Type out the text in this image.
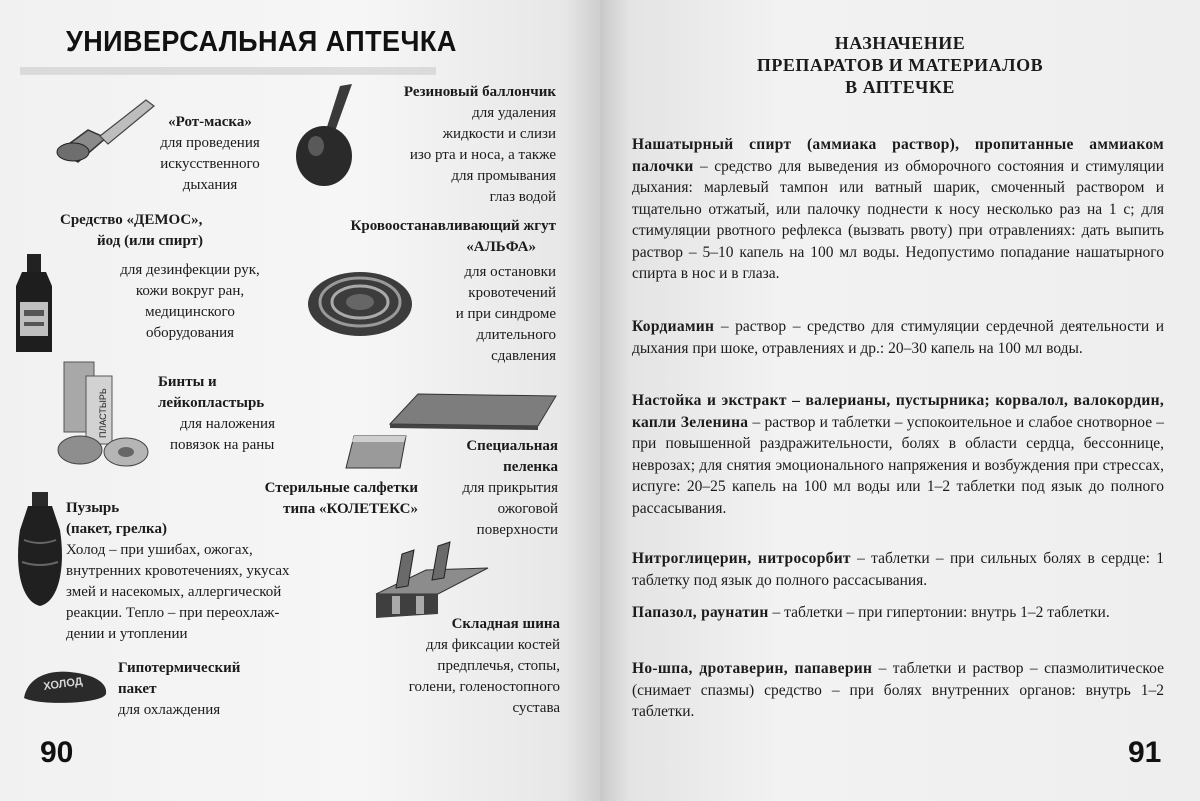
▬▬▬▬▬▬▬▬▬▬▬▬▬▬▬▬
УНИВЕРСАЛЬНАЯ АПТЕЧКА
«Рот-маска»
для проведения
искусственного
дыхания
Резиновый баллончик
для удаления
жидкости и слизи
изо рта и носа, а также
для промывания
глаз водой
Средство «ДЕМОС»,
йод (или спирт)
для дезинфекции рук,
кожи вокруг ран,
медицинского
оборудования
Кровоостанавливающий жгут
«АЛЬФА»
для остановки
кровотечений
и при синдроме
длительного
сдавления
ПЛАСТЫРЬ
Бинты и
лейкопластырь
для наложения
повязок на раны	Специальная
пеленка
для прикрытия
ожоговой
поверхности
Стерильные салфетки
типа «КОЛЕТЕКС»
Пузырь
(пакет, грелка)
Холод – при ушибах, ожогах,
внутренних кровотечениях, укусах
змей и насекомых, аллергической
реакции. Тепло – при переохлаж-
дении и утоплении
Складная шина
для фиксации костей
предплечья, стопы,
голени, голеностопного
сустава
ХОЛОД
Гипотермический
пакет
для охлаждения
90
НАЗНАЧЕНИЕ
ПРЕПАРАТОВ И МАТЕРИАЛОВ
В АПТЕЧКЕ
Нашатырный спирт (аммиака раствор), пропитанные аммиаком палочки – средство для выведения из обморочного состояния и стимуляции дыхания: марлевый тампон или ватный шарик, смоченный раствором и тщательно отжатый, или палочку поднести к носу несколько раз на 1 с; для стимуляции рвотного рефлекса (вызвать рвоту) при отравлениях: дать выпить раствор – 5–10 капель на 100 мл воды. Недопустимо попадание нашатырного спирта в нос и в глаза.
Кордиамин – раствор – средство для стимуляции сердечной деятельности и дыхания при шоке, отравлениях и др.: 20–30 капель на 100 мл воды.
Настойка и экстракт – валерианы, пустырника; корвалол, валокордин, капли Зеленина – раствор и таблетки – успокоительное и слабое снотворное – при повышенной раздражительности, болях в области сердца, бессоннице, неврозах; для снятия эмоционального напряжения и возбуждения при стрессах, испуге: 20–25 капель на 100 мл воды или 1–2 таблетки под язык до полного рассасывания.
Нитроглицерин, нитросорбит – таблетки – при сильных болях в сердце: 1 таблетку под язык до полного рассасывания.
Папазол, раунатин – таблетки – при гипертонии: внутрь 1–2 таблетки.
Но-шпа, дротаверин, папаверин – таблетки и раствор – спазмолитическое (снимает спазмы) средство – при болях внутренних органов: внутрь 1–2 таблетки.
91
